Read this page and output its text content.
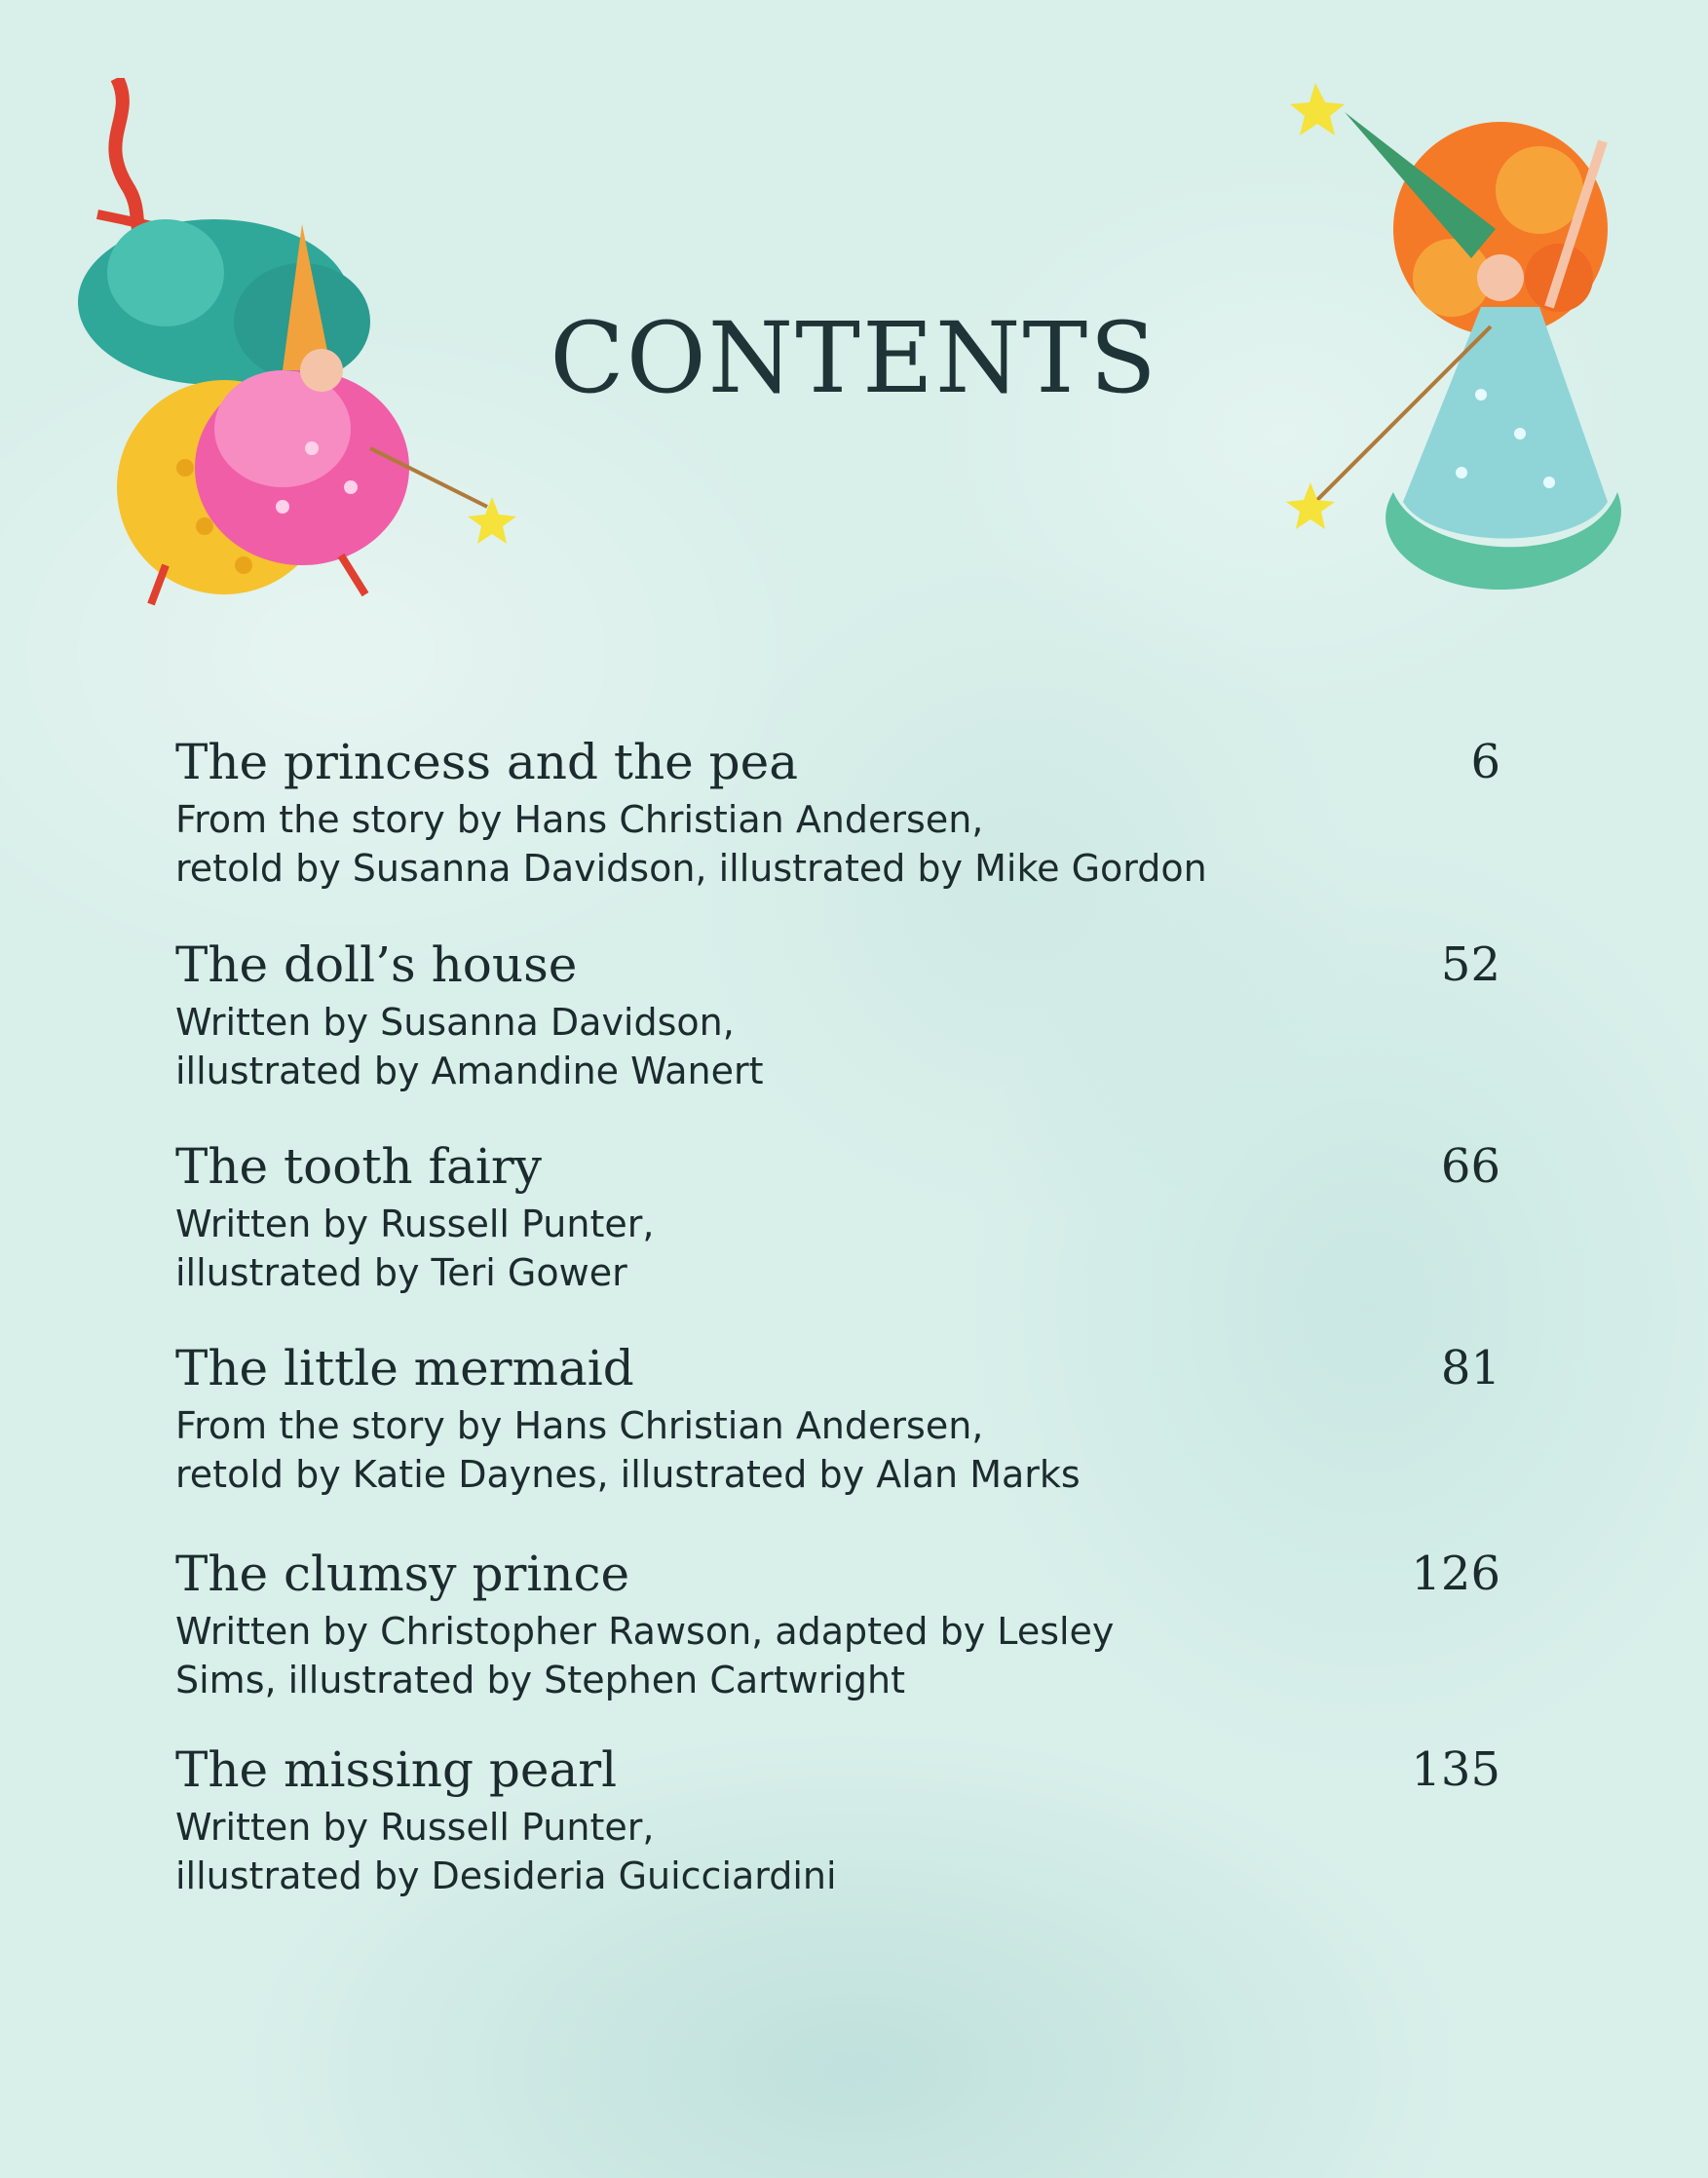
CONTENTS
The princess and the pea	6
From the story by Hans Christian Andersen,
retold by Susanna Davidson, illustrated by Mike Gordon
The doll’s house	52
Written by Susanna Davidson,
illustrated by Amandine Wanert
The tooth fairy	66
Written by Russell Punter,
illustrated by Teri Gower
The little mermaid	81
From the story by Hans Christian Andersen,
retold by Katie Daynes, illustrated by Alan Marks
The clumsy prince	126
Written by Christopher Rawson, adapted by Lesley
Sims, illustrated by Stephen Cartwright
The missing pearl	135
Written by Russell Punter,
illustrated by Desideria Guicciardini
